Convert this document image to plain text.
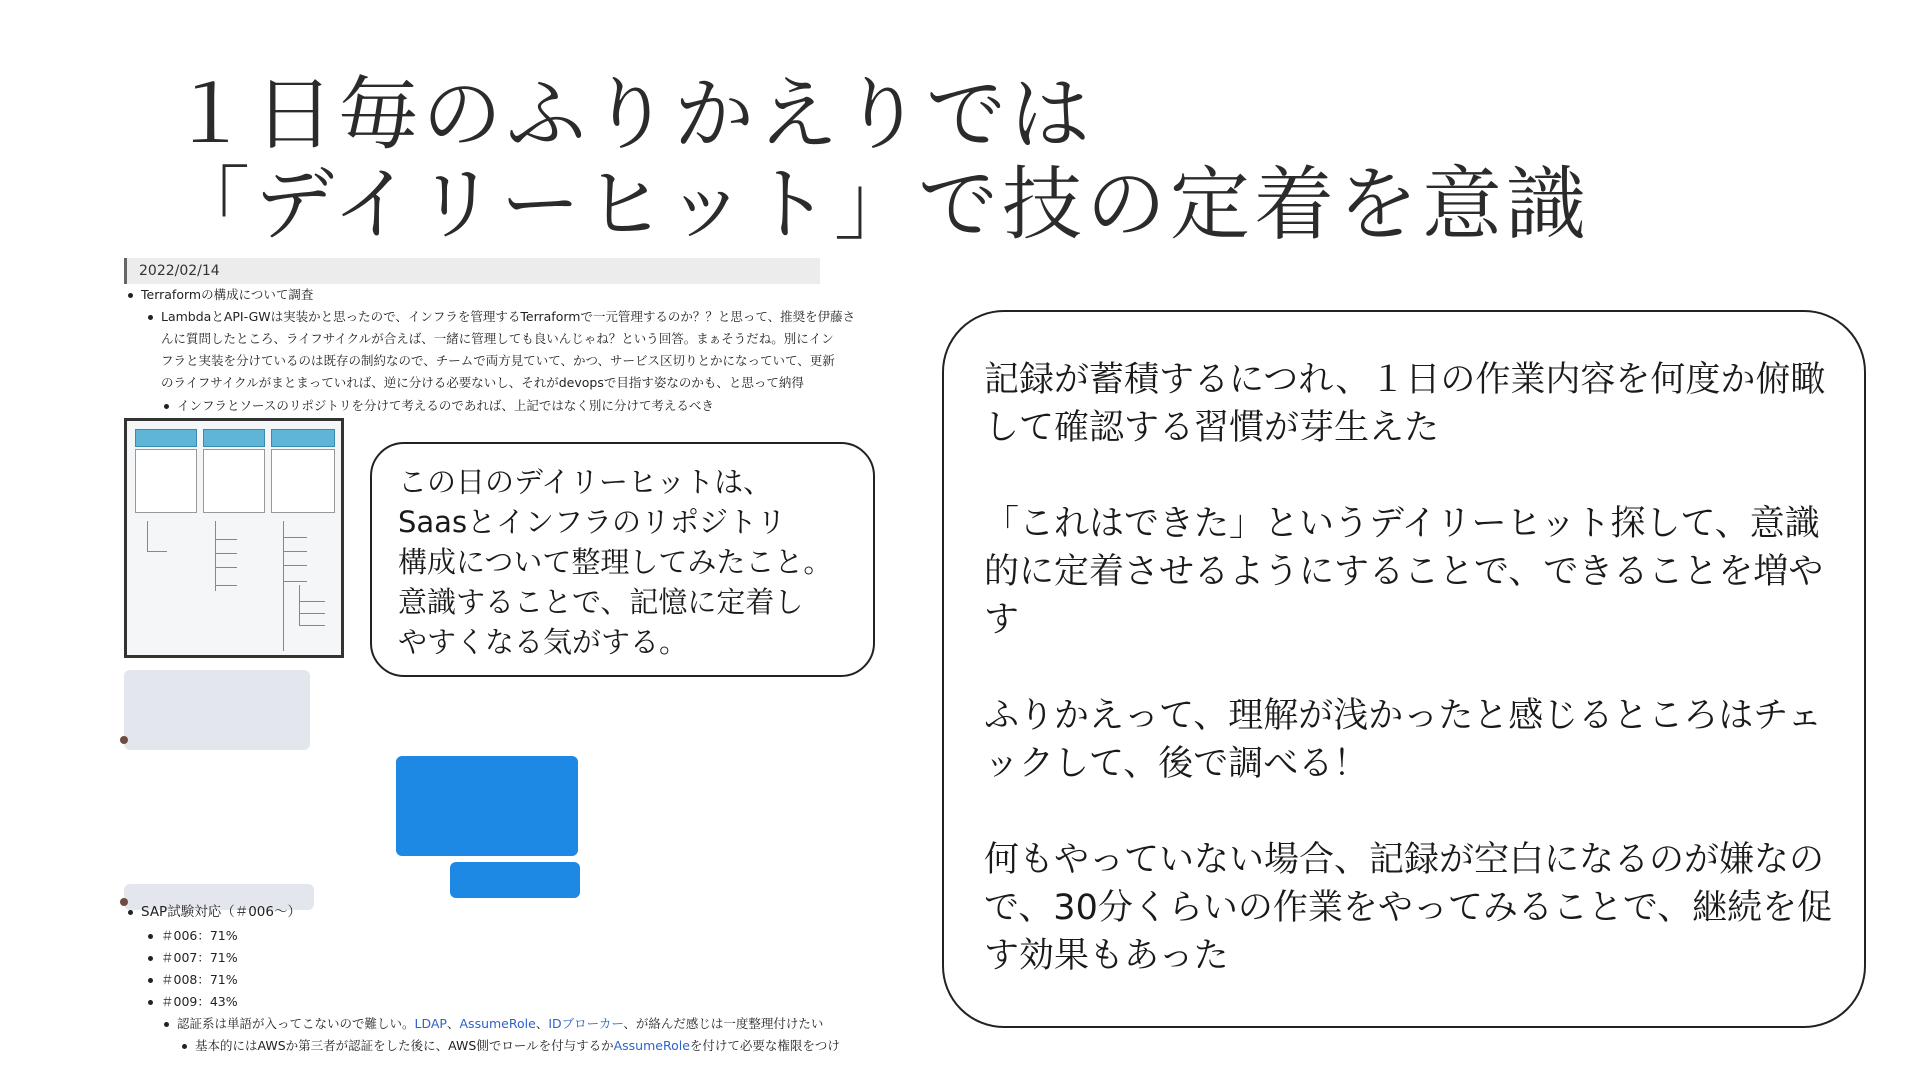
１日毎のふりかえりでは
「デイリーヒット」で技の定着を意識
2022/02/14
Terraformの構成について調査
LambdaとAPI-GWは実装かと思ったので、インフラを管理するTerraformで一元管理するのか？？と思って、推奨を伊藤さ
んに質問したところ、ライフサイクルが合えば、一緒に管理しても良いんじゃね？という回答。まぁそうだね。別にイン
フラと実装を分けているのは既存の制約なので、チームで両方見ていて、かつ、サービス区切りとかになっていて、更新
のライフサイクルがまとまっていれば、逆に分ける必要ないし、それがdevopsで目指す姿なのかも、と思って納得
インフラとソースのリポジトリを分けて考えるのであれば、上記ではなく別に分けて考えるべき
SAP試験対応（＃006〜）
＃006：71%
＃007：71%
＃008：71%
＃009：43%
認証系は単語が入ってこないので難しい。LDAP、AssumeRole、IDブローカー、が絡んだ感じは一度整理付けたい
基本的にはAWSか第三者が認証をした後に、AWS側でロールを付与するかAssumeRoleを付けて必要な権限をつけ
この日のデイリーヒットは、
Saasとインフラのリポジトリ
構成について整理してみたこと。
意識することで、記憶に定着し
やすくなる気がする。

記録が蓄積するにつれ、１日の作業内容を何度か俯瞰して確認する習慣が芽生えた

「これはできた」というデイリーヒット探して、意識的に定着させるようにすることで、できることを増やす

ふりかえって、理解が浅かったと感じるところはチェックして、後で調べる！

何もやっていない場合、記録が空白になるのが嫌なので、30分くらいの作業をやってみることで、継続を促す効果もあった
